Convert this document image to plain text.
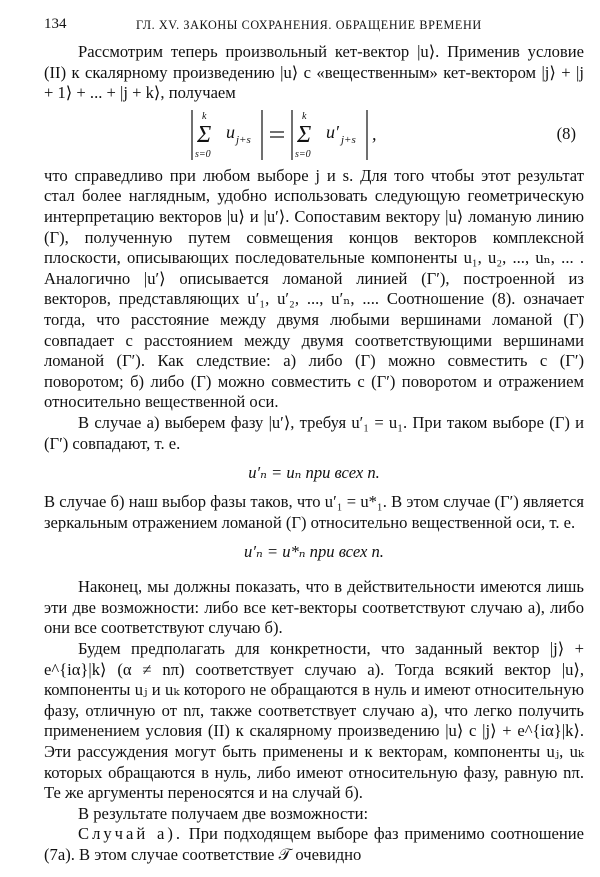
134	ГЛ. XV. ЗАКОНЫ СОХРАНЕНИЯ. ОБРАЩЕНИЕ ВРЕМЕНИ

Рассмотрим теперь произвольный кет-вектор |u⟩. Применив условие (II) к скалярному произведению |u⟩ с «вещественным» кет-вектором |j⟩ + |j + 1⟩ + ... + |j + k⟩, получаем

k
Σ
s=0
u j+s
k
Σ
s=0
u′ j+s ,	(8)

что справедливо при любом выборе j и s. Для того чтобы этот результат стал более наглядным, удобно использовать следующую геометрическую интерпретацию векторов |u⟩ и |u′⟩. Сопоставим вектору |u⟩ ломаную линию (Г), полученную путем совмещения концов векторов комплексной плоскости, описывающих последовательные компоненты u₁, u₂, ..., uₙ, ... . Аналогично |u′⟩ описывается ломаной линией (Г′), построенной из векторов, представляющих u′₁, u′₂, ..., u′ₙ, .... Соотношение (8). означает тогда, что расстояние между двумя любыми вершинами ломаной (Г) совпадает с расстоянием между двумя соответствующими вершинами ломаной (Г′). Как следствие: а) либо (Г) можно совместить с (Г′) поворотом; б) либо (Г) можно совместить с (Г′) поворотом и отражением относительно вещественной оси.

В случае а) выберем фазу |u′⟩, требуя u′₁ = u₁. При таком выборе (Г) и (Г′) совпадают, т. е.

u′ₙ = uₙ при всех n.

В случае б) наш выбор фазы таков, что u′₁ = u*₁. В этом случае (Г′) является зеркальным отражением ломаной (Г) относительно вещественной оси, т. е.

u′ₙ = u*ₙ при всех n.

Наконец, мы должны показать, что в действительности имеются лишь эти две возможности: либо все кет-векторы соответствуют случаю а), либо они все соответствуют случаю б).

Будем предполагать для конкретности, что заданный вектор |j⟩ + e^{iα}|k⟩ (α ≠ nπ) соответствует случаю а). Тогда всякий вектор |u⟩, компоненты uⱼ и uₖ которого не обращаются в нуль и имеют относительную фазу, отличную от nπ, также соответствует случаю а), что легко получить применением условия (II) к скалярному произведению |u⟩ с |j⟩ + e^{iα}|k⟩. Эти рассуждения могут быть применены и к векторам, компоненты uⱼ, uₖ которых обращаются в нуль, либо имеют относительную фазу, равную nπ. Те же аргументы переносятся и на случай б).

В результате получаем две возможности:

Случай а). При подходящем выборе фаз применимо соотношение (7а). В этом случае соответствие 𝒯 очевидно
